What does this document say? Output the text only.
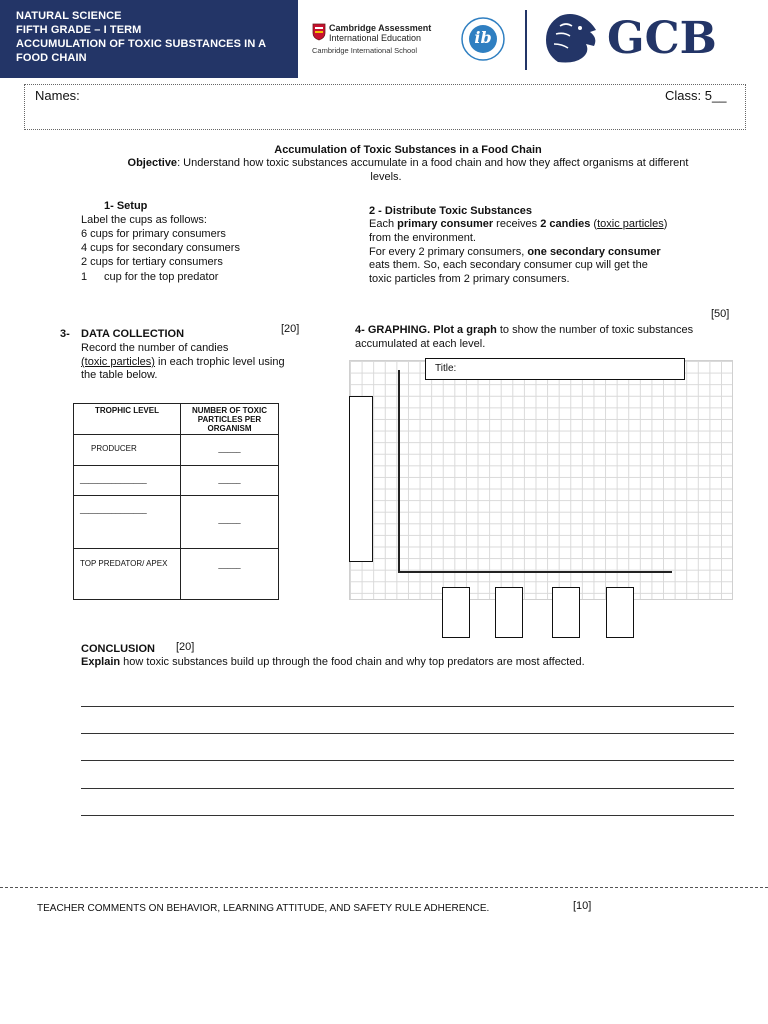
NATURAL SCIENCE
FIFTH GRADE – I TERM
ACCUMULATION OF TOXIC SUBSTANCES IN A
FOOD CHAIN
Cambridge Assessment
International Education
Cambridge International School
ib	GCB
Names:	Class: 5__
Accumulation of Toxic Substances in a Food Chain
Objective: Understand how toxic substances accumulate in a food chain and how they affect organisms at different
levels.
1- Setup
Label the cups as follows:
6 cups for primary consumers
4 cups for secondary consumers
2 cups for tertiary consumers
1 cup for the top predator
2 - Distribute Toxic Substances
Each primary consumer receives 2 candies (toxic particles)
from the environment.
For every 2 primary consumers, one secondary consumer
eats them. So, each secondary consumer cup will get the
toxic particles from 2 primary consumers.
[50]
3- DATA COLLECTION	[20]
Record the number of candies
(toxic particles) in each trophic level using
the table below.
TROPHIC LEVEL	NUMBER OF TOXIC PARTICLES PER ORGANISM
PRODUCER	_____
_______________	_____
_______________	_____
TOP PREDATOR/ APEX	_____
4- GRAPHING. Plot a graph to show the number of toxic substances
accumulated at each level.
Title:
CONCLUSION [20]
Explain how toxic substances build up through the food chain and why top predators are most affected.
TEACHER COMMENTS ON BEHAVIOR, LEARNING ATTITUDE, AND SAFETY RULE ADHERENCE.	[10]
